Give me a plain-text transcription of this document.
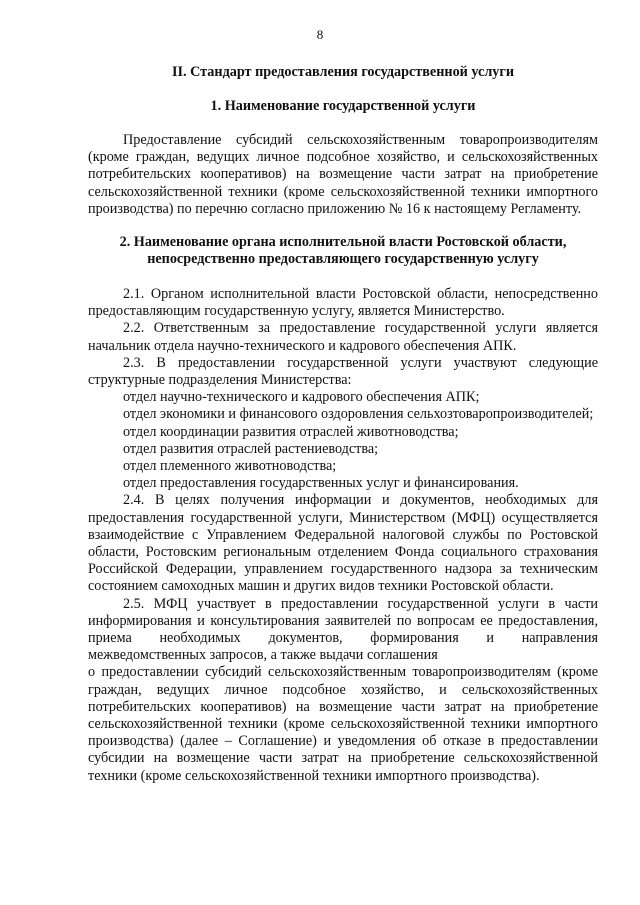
8

II. Стандарт предоставления государственной услуги

1. Наименование государственной услуги

Предоставление субсидий сельскохозяйственным товаропроизводителям (кроме граждан, ведущих личное подсобное хозяйство, и сельскохозяйственных потребительских кооперативов) на возмещение части затрат на приобретение сельскохозяйственной техники (кроме сельскохозяйственной техники импортного производства) по перечню согласно приложению № 16 к настоящему Регламенту.

2. Наименование органа исполнительной власти Ростовской области,
непосредственно предоставляющего государственную услугу

2.1. Органом исполнительной власти Ростовской области, непосредственно предоставляющим государственную услугу, является Министерство.

2.2. Ответственным за предоставление государственной услуги является начальник отдела научно-технического и кадрового обеспечения АПК.

2.3. В предоставлении государственной услуги участвуют следующие структурные подразделения Министерства:

отдел научно-технического и кадрового обеспечения АПК;

отдел экономики и финансового оздоровления сельхозтоваропроизводителей;

отдел координации развития отраслей животноводства;

отдел развития отраслей растениеводства;

отдел племенного животноводства;

отдел предоставления государственных услуг и финансирования.

2.4. В целях получения информации и документов, необходимых для предоставления государственной услуги, Министерством (МФЦ) осуществляется взаимодействие с Управлением Федеральной налоговой службы по Ростовской области, Ростовским региональным отделением Фонда социального страхования Российской Федерации, управлением государственного надзора за техническим состоянием самоходных машин и других видов техники Ростовской области.

2.5. МФЦ участвует в предоставлении государственной услуги в части информирования и консультирования заявителей по вопросам ее предоставления, приема необходимых документов, формирования и направления межведомственных запросов, а также выдачи соглашения

о предоставлении субсидий сельскохозяйственным товаропроизводителям (кроме граждан, ведущих личное подсобное хозяйство, и сельскохозяйственных потребительских кооперативов) на возмещение части затрат на приобретение сельскохозяйственной техники (кроме сельскохозяйственной техники импортного производства) (далее – Соглашение) и уведомления об отказе в предоставлении субсидии на возмещение части затрат на приобретение сельскохозяйственной техники (кроме сельскохозяйственной техники импортного производства).
